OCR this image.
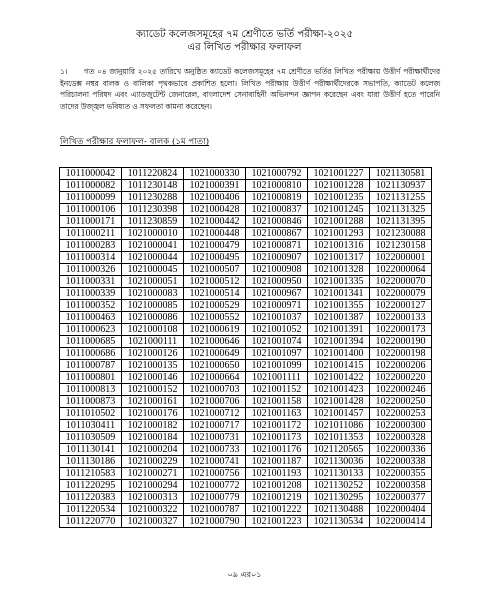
ক্যাডেট কলেজসমূহের ৭ম শ্রেণীতে ভর্তি পরীক্ষা-২০২৫
এর লিখিত পরীক্ষার ফলাফল

১। গত ০৪ জানুয়ারি ২০২৫ তারিখে অনুষ্ঠিত ক্যাডেট কলেজসমূহের ৭ম শ্রেণীতে ভর্তির লিখিত পরীক্ষায় উত্তীর্ণ পরীক্ষার্থীদের ইনডেক্স নম্বর বালক ও বালিকা পৃথকভাবে প্রকাশিত হলো। লিখিত পরীক্ষায় উত্তীর্ণ পরীক্ষার্থীদেরকে সভাপতি, ক্যাডেট কলেজ পরিচালনা পরিষদ এবং এ্যাডজুটেন্ট জেনারেল, বাংলাদেশ সেনাবাহিনী অভিনন্দন জ্ঞাপন করেছেন এবং যারা উত্তীর্ণ হতে পারেনি তাদের উজ্জ্বল ভবিষ্যত ও সফলতা কামনা করেছেন।

লিখিত পরীক্ষার ফলাফল- বালক (১ম পাতা)
1011000042	1011220824	1021000330	1021000792	1021001227	1021130581
1011000082	1011230148	1021000391	1021000810	1021001228	1021130937
1011000099	1011230288	1021000406	1021000819	1021001235	1021131255
1011000106	1011230398	1021000428	1021000837	1021001245	1021131325
1011000171	1011230859	1021000442	1021000846	1021001288	1021131395
1011000211	1021000010	1021000448	1021000867	1021001293	1021230088
1011000283	1021000041	1021000479	1021000871	1021001316	1021230158
1011000314	1021000044	1021000495	1021000907	1021001317	1022000001
1011000326	1021000045	1021000507	1021000908	1021001328	1022000064
1011000331	1021000051	1021000512	1021000950	1021001335	1022000070
1011000339	1021000083	1021000514	1021000967	1021001341	1022000079
1011000352	1021000085	1021000529	1021000971	1021001355	1022000127
1011000463	1021000086	1021000552	1021001037	1021001387	1022000133
1011000623	1021000108	1021000619	1021001052	1021001391	1022000173
1011000685	1021000111	1021000646	1021001074	1021001394	1022000190
1011000686	1021000126	1021000649	1021001097	1021001400	1022000198
1011000787	1021000135	1021000650	1021001099	1021001415	1022000206
1011000801	1021000146	1021000664	1021001111	1021001422	1022000220
1011000813	1021000152	1021000703	1021001152	1021001423	1022000246
1011000873	1021000161	1021000706	1021001158	1021001428	1022000250
1011010502	1021000176	1021000712	1021001163	1021001457	1022000253
1011030411	1021000182	1021000717	1021001172	1021011086	1022000300
1011030509	1021000184	1021000731	1021001173	1021011353	1022000328
1011130141	1021000204	1021000733	1021001176	1021120565	1022000336
1011130186	1021000229	1021000741	1021001187	1021130036	1022000338
1011210583	1021000271	1021000756	1021001193	1021130133	1022000355
1011220295	1021000294	1021000772	1021001208	1021130252	1022000358
1011220383	1021000313	1021000779	1021001219	1021130295	1022000377
1011220534	1021000322	1021000787	1021001222	1021130488	1022000404
1011220770	1021000327	1021000790	1021001223	1021130534	1022000414
০৯ এর০১
